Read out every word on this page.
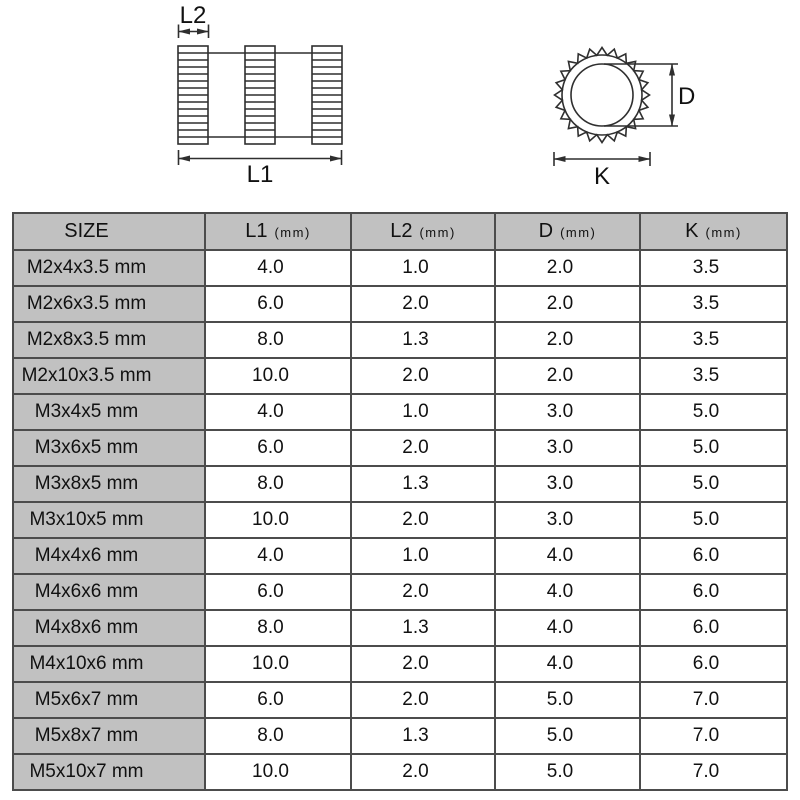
L2
L1
D
K
SIZE	L1 (mm)	L2 (mm)	D (mm)	K (mm)
M2x4x3.5 mm	4.0	1.0	2.0	3.5
M2x6x3.5 mm	6.0	2.0	2.0	3.5
M2x8x3.5 mm	8.0	1.3	2.0	3.5
M2x10x3.5 mm	10.0	2.0	2.0	3.5
M3x4x5 mm	4.0	1.0	3.0	5.0
M3x6x5 mm	6.0	2.0	3.0	5.0
M3x8x5 mm	8.0	1.3	3.0	5.0
M3x10x5 mm	10.0	2.0	3.0	5.0
M4x4x6 mm	4.0	1.0	4.0	6.0
M4x6x6 mm	6.0	2.0	4.0	6.0
M4x8x6 mm	8.0	1.3	4.0	6.0
M4x10x6 mm	10.0	2.0	4.0	6.0
M5x6x7 mm	6.0	2.0	5.0	7.0
M5x8x7 mm	8.0	1.3	5.0	7.0
M5x10x7 mm	10.0	2.0	5.0	7.0
